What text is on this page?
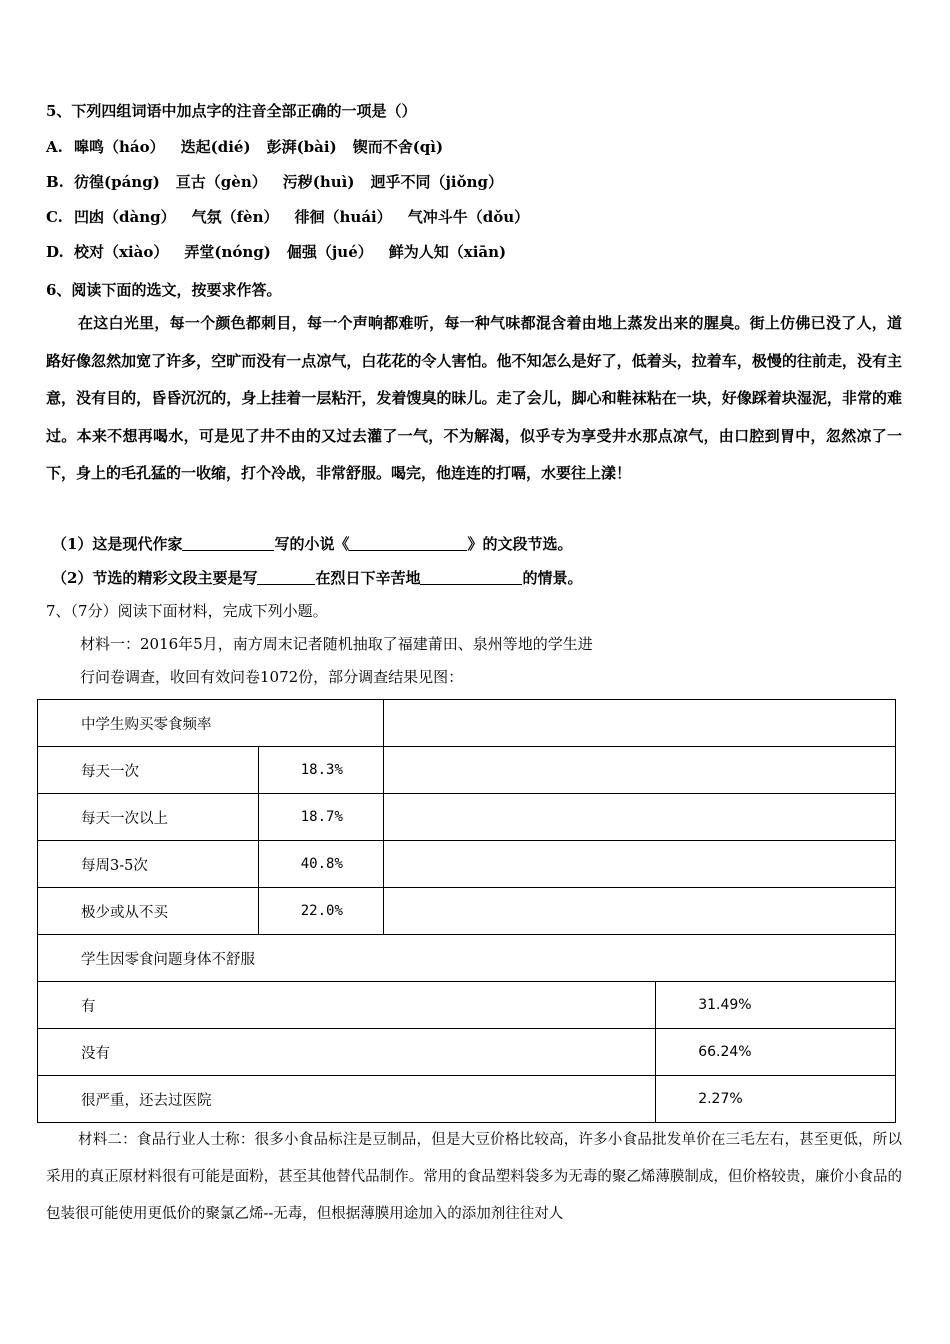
5、下列四组词语中加点字的注音全部正确的一项是（）
A. 嗥鸣（háo） 迭起(dié) 彭湃(bài) 锲而不舍(qì)
B. 彷徨(páng) 亘古（gèn） 污秽(huì) 迥乎不同（jiǒng）
C. 凹凼（dàng） 气氛（fèn） 徘徊（huái） 气冲斗牛（dǒu）
D. 校对（xiào） 弄堂(nóng) 倔强（jué） 鲜为人知（xiān)
6、阅读下面的选文，按要求作答。

在这白光里，每一个颜色都刺目，每一个声响都难听，每一种气味都混含着由地上蒸发出来的腥臭。街上仿佛已没了人，道路好像忽然加宽了许多，空旷而没有一点凉气，白花花的令人害怕。他不知怎么是好了，低着头，拉着车，极慢的往前走，没有主意，没有目的，昏昏沉沉的，身上挂着一层粘汗，发着馊臭的昧儿。走了会儿，脚心和鞋袜粘在一块，好像踩着块湿泥，非常的难过。本来不想再喝水，可是见了井不由的又过去灌了一气，不为解渴，似乎专为享受井水那点凉气，由口腔到胃中，忽然凉了一下，身上的毛孔猛的一收缩，打个冷战，非常舒服。喝完，他连连的打嗝，水要往上漾！

（1）这是现代作家	写的小说《	》的文段节选。
（2）节选的精彩文段主要是写	在烈日下辛苦地	的情景。
7、（7分）阅读下面材料，完成下列小题。
材料一：2016年5月，南方周末记者随机抽取了福建莆田、泉州等地的学生进
行问卷调查，收回有效问卷1072份，部分调查结果见图：
中学生购买零食频率			
每天一次	18.3%		
每天一次以上	18.7%		
每周3-5次	40.8%		
极少或从不买	22.0%		
学生因零食问题身体不舒服			
有			31.49%
没有			66.24%
很严重，还去过医院			2.27%

材料二：食品行业人士称：很多小食品标注是豆制品，但是大豆价格比较高，许多小食品批发单价在三毛左右，甚至更低，所以采用的真正原材料很有可能是面粉，甚至其他替代品制作。常用的食品塑料袋多为无毒的聚乙烯薄膜制成，但价格较贵，廉价小食品的包装很可能使用更低价的聚氯乙烯--无毒，但根据薄膜用途加入的添加剂往往对人
